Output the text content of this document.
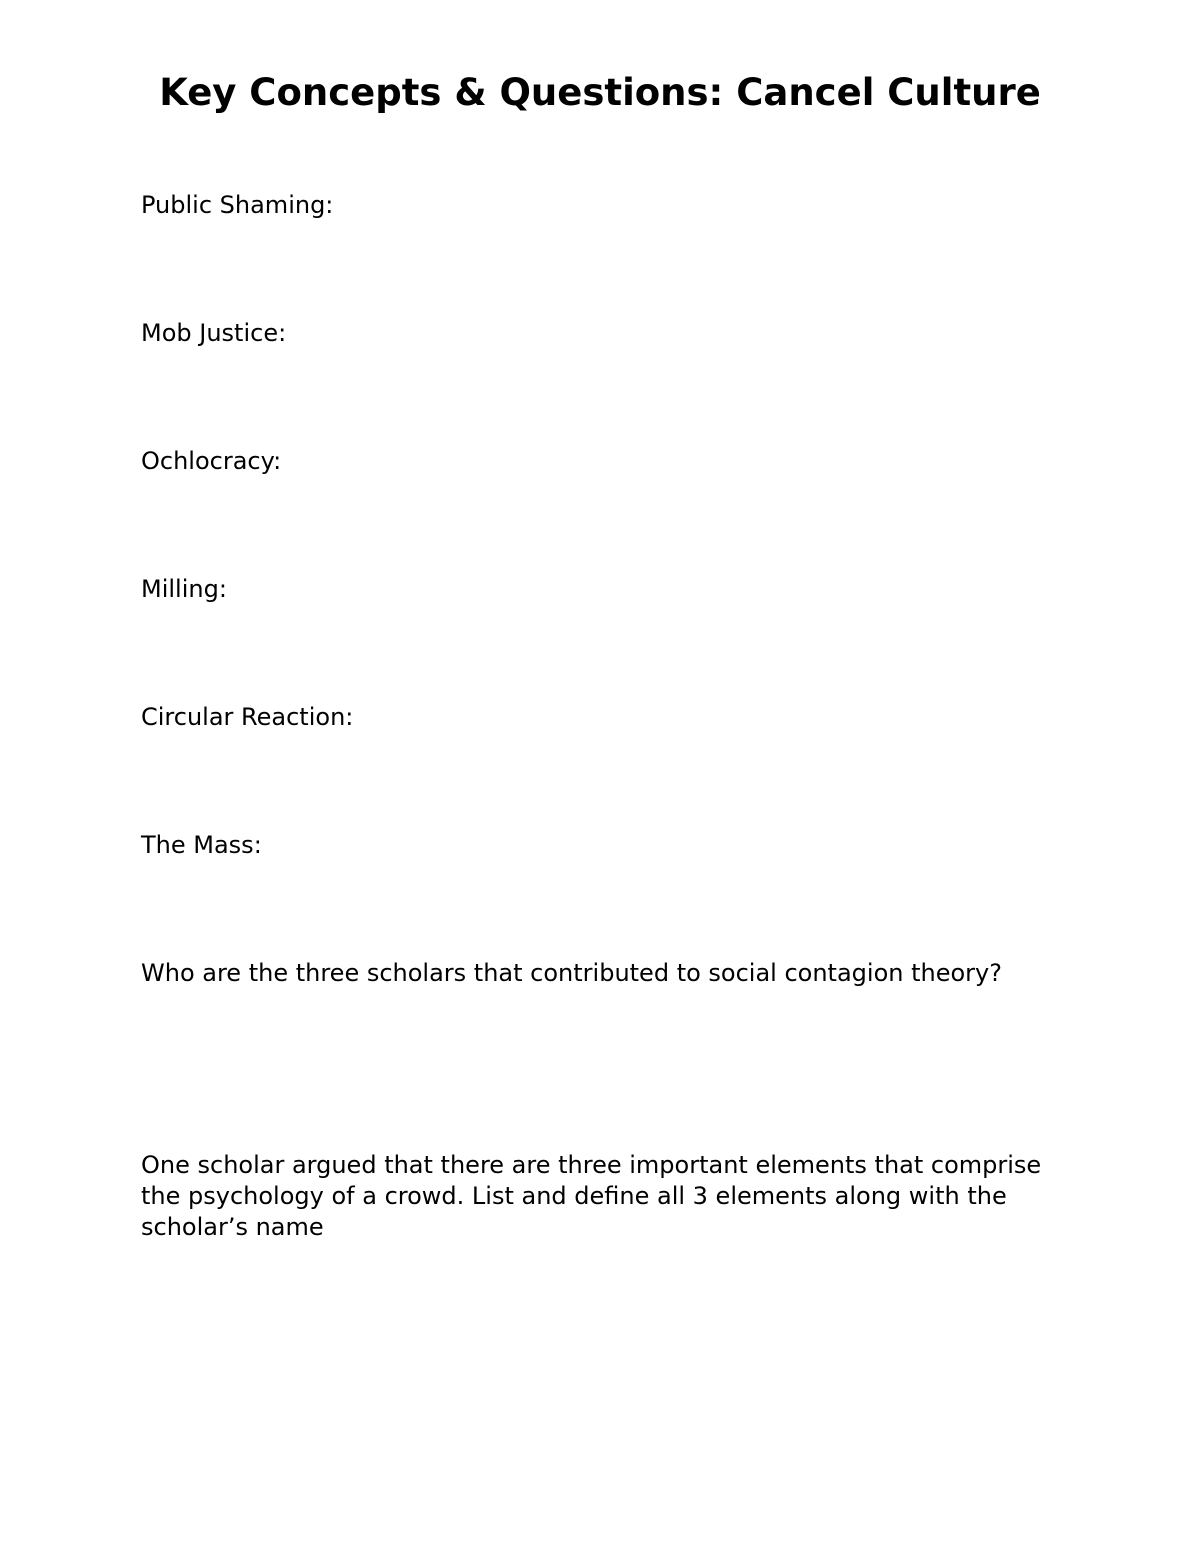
Key Concepts & Questions: Cancel Culture

Public Shaming:

Mob Justice:

Ochlocracy:

Milling:

Circular Reaction:

The Mass:

Who are the three scholars that contributed to social contagion theory?

One scholar argued that there are three important elements that comprise the psychology of a crowd. List and define all 3 elements along with the scholar’s name
